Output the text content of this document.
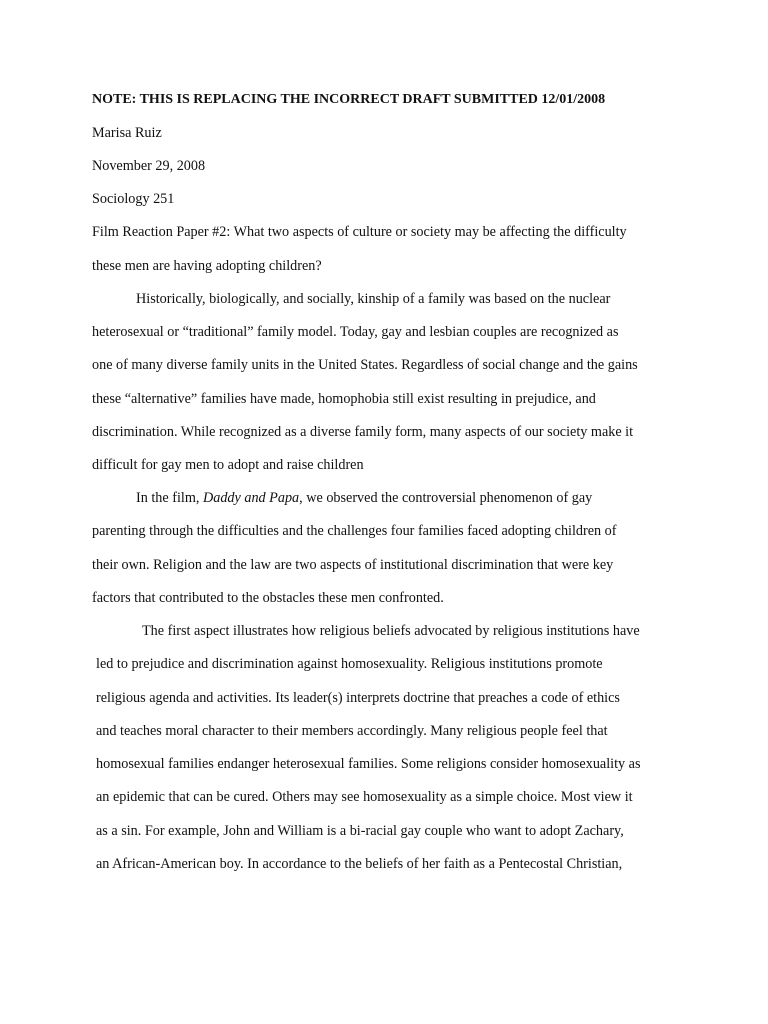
NOTE: THIS IS REPLACING THE INCORRECT DRAFT SUBMITTED 12/01/2008
Marisa Ruiz
November 29, 2008
Sociology 251
Film Reaction Paper #2: What two aspects of culture or society may be affecting the difficulty
these men are having adopting children?
Historically, biologically, and socially, kinship of a family was based on the nuclear
heterosexual or “traditional” family model. Today, gay and lesbian couples are recognized as
one of many diverse family units in the United States. Regardless of social change and the gains
these “alternative” families have made, homophobia still exist resulting in prejudice, and
discrimination. While recognized as a diverse family form, many aspects of our society make it
difficult for gay men to adopt and raise children
In the film, Daddy and Papa, we observed the controversial phenomenon of gay
parenting through the difficulties and the challenges four families faced adopting children of
their own. Religion and the law are two aspects of institutional discrimination that were key
factors that contributed to the obstacles these men confronted.
The first aspect illustrates how religious beliefs advocated by religious institutions have
led to prejudice and discrimination against homosexuality. Religious institutions promote
religious agenda and activities. Its leader(s) interprets doctrine that preaches a code of ethics
and teaches moral character to their members accordingly. Many religious people feel that
homosexual families endanger heterosexual families. Some religions consider homosexuality as
an epidemic that can be cured. Others may see homosexuality as a simple choice. Most view it
as a sin. For example, John and William is a bi-racial gay couple who want to adopt Zachary,
an African-American boy. In accordance to the beliefs of her faith as a Pentecostal Christian,
